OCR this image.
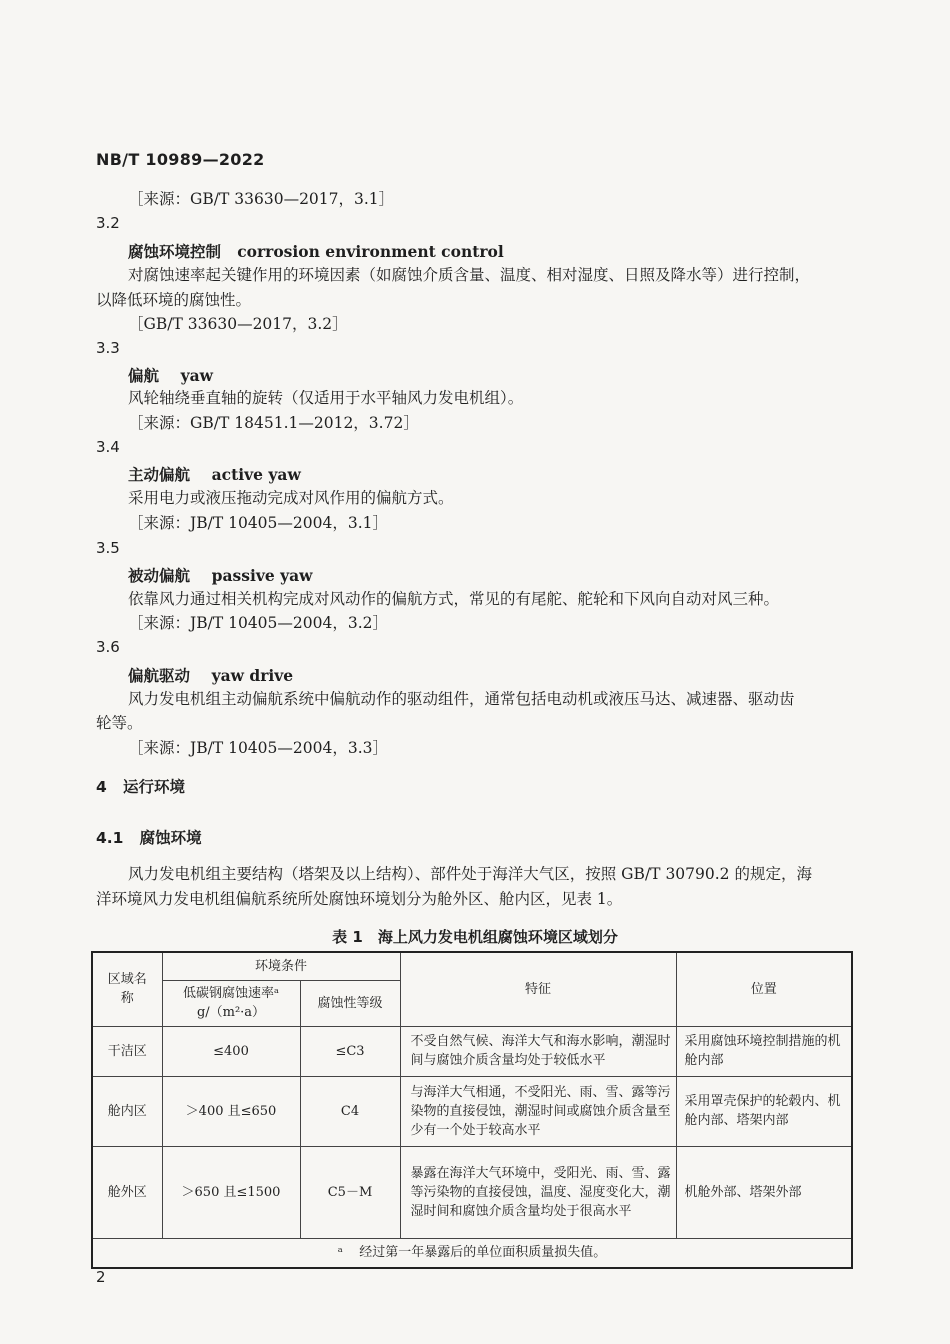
NB/T 10989—2022
［来源：GB/T 33630—2017，3.1］
3.2
腐蚀环境控制 corrosion environment control
对腐蚀速率起关键作用的环境因素（如腐蚀介质含量、温度、相对湿度、日照及降水等）进行控制，
以降低环境的腐蚀性。
［GB/T 33630—2017，3.2］
3.3
偏航 yaw
风轮轴绕垂直轴的旋转（仅适用于水平轴风力发电机组）。
［来源：GB/T 18451.1—2012，3.72］
3.4
主动偏航 active yaw
采用电力或液压拖动完成对风作用的偏航方式。
［来源：JB/T 10405—2004，3.1］
3.5
被动偏航 passive yaw
依靠风力通过相关机构完成对风动作的偏航方式，常见的有尾舵、舵轮和下风向自动对风三种。
［来源：JB/T 10405—2004，3.2］
3.6
偏航驱动 yaw drive
风力发电机组主动偏航系统中偏航动作的驱动组件，通常包括电动机或液压马达、减速器、驱动齿
轮等。
［来源：JB/T 10405—2004，3.3］
4 运行环境
4.1 腐蚀环境
风力发电机组主要结构（塔架及以上结构）、部件处于海洋大气区，按照 GB/T 30790.2 的规定，海
洋环境风力发电机组偏航系统所处腐蚀环境划分为舱外区、舱内区，见表 1。
表 1　海上风力发电机组腐蚀环境区域划分
区域名称	环境条件		特征	位置
	低碳钢腐蚀速率ᵃ g/（m²·a）	腐蚀性等级		
干洁区	≤400	≤C3	不受自然气候、海洋大气和海水影响，潮湿时间与腐蚀介质含量均处于较低水平	采用腐蚀环境控制措施的机舱内部
舱内区	＞400 且≤650	C4	与海洋大气相通，不受阳光、雨、雪、露等污染物的直接侵蚀，潮湿时间或腐蚀介质含量至少有一个处于较高水平	采用罩壳保护的轮毂内、机舱内部、塔架内部
舱外区	＞650 且≤1500	C5－M	暴露在海洋大气环境中，受阳光、雨、雪、露等污染物的直接侵蚀，温度、湿度变化大，潮湿时间和腐蚀介质含量均处于很高水平	机舱外部、塔架外部
ᵃ 经过第一年暴露后的单位面积质量损失值。				
2
